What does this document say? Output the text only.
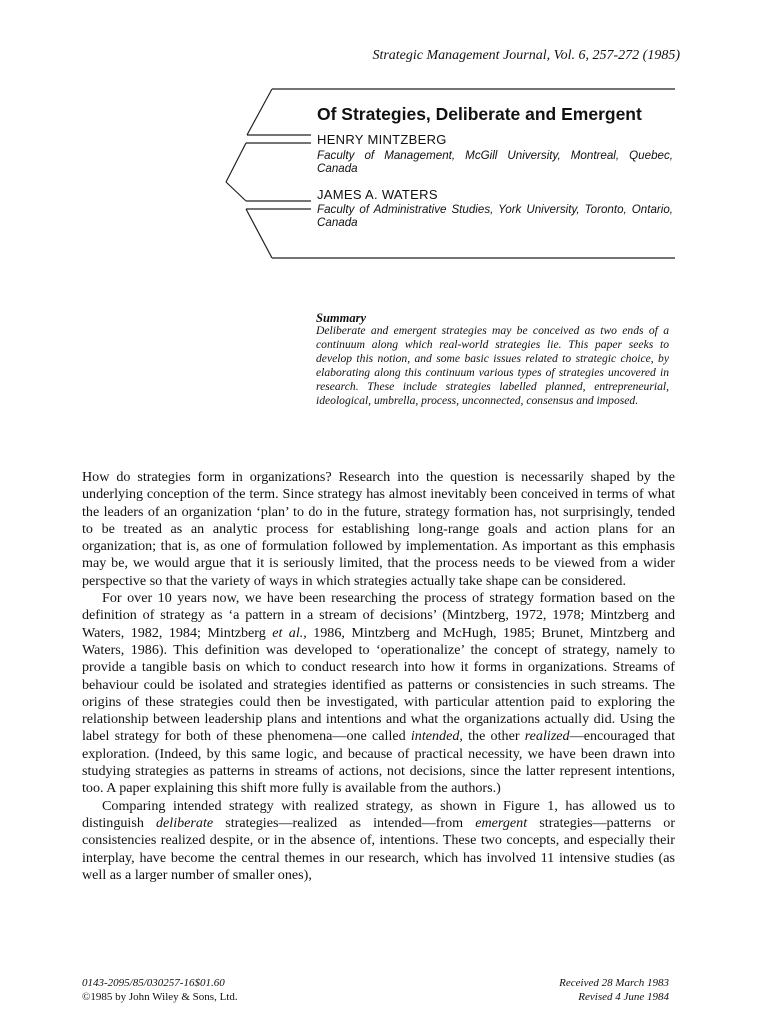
Strategic Management Journal, Vol. 6, 257-272 (1985)
Of Strategies, Deliberate and Emergent
HENRY MINTZBERG
Faculty of Management, McGill University, Montreal, Quebec, Canada
JAMES A. WATERS
Faculty of Administrative Studies, York University, Toronto, Ontario, Canada
Summary
Deliberate and emergent strategies may be conceived as two ends of a continuum along which real-world strategies lie. This paper seeks to develop this notion, and some basic issues related to strategic choice, by elaborating along this continuum various types of strategies uncovered in research. These include strategies labelled planned, entrepreneurial, ideological, umbrella, process, unconnected, consensus and imposed.

How do strategies form in organizations? Research into the question is necessarily shaped by the underlying conception of the term. Since strategy has almost inevitably been conceived in terms of what the leaders of an organization ‘plan’ to do in the future, strategy formation has, not surprisingly, tended to be treated as an analytic process for establishing long-range goals and action plans for an organization; that is, as one of formulation followed by implementation. As important as this emphasis may be, we would argue that it is seriously limited, that the process needs to be viewed from a wider perspective so that the variety of ways in which strategies actually take shape can be considered.

For over 10 years now, we have been researching the process of strategy formation based on the definition of strategy as ‘a pattern in a stream of decisions’ (Mintzberg, 1972, 1978; Mintzberg and Waters, 1982, 1984; Mintzberg et al., 1986, Mintzberg and McHugh, 1985; Brunet, Mintzberg and Waters, 1986). This definition was developed to ‘operationalize’ the concept of strategy, namely to provide a tangible basis on which to conduct research into how it forms in organizations. Streams of behaviour could be isolated and strategies identified as patterns or consistencies in such streams. The origins of these strategies could then be investigated, with particular attention paid to exploring the relationship between leadership plans and intentions and what the organizations actually did. Using the label strategy for both of these phenomena—one called intended, the other realized—encouraged that exploration. (Indeed, by this same logic, and because of practical necessity, we have been drawn into studying strategies as patterns in streams of actions, not decisions, since the latter represent intentions, too. A paper explaining this shift more fully is available from the authors.)

Comparing intended strategy with realized strategy, as shown in Figure 1, has allowed us to distinguish deliberate strategies—realized as intended—from emergent strategies—patterns or consistencies realized despite, or in the absence of, intentions. These two concepts, and especially their interplay, have become the central themes in our research, which has involved 11 intensive studies (as well as a larger number of smaller ones),

0143-2095/85/030257-16$01.60
©1985 by John Wiley & Sons, Ltd.
Received 28 March 1983
Revised 4 June 1984
